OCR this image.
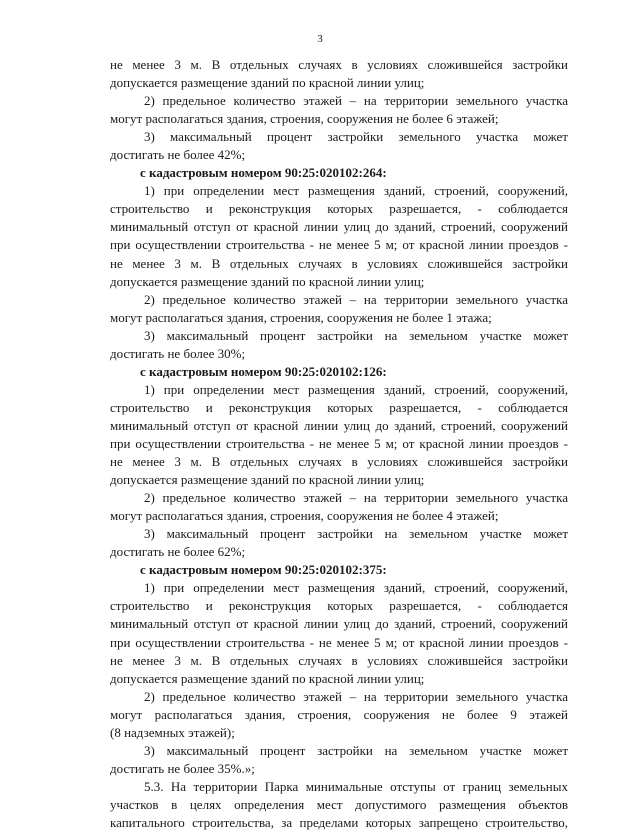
3

не менее 3 м. В отдельных случаях в условиях сложившейся застройки

допускается размещение зданий по красной линии улиц;

2) предельное количество этажей – на территории земельного участка

могут располагаться здания, строения, сооружения не более 6 этажей;

3) максимальный процент застройки земельного участка может

достигать не более 42%;

с кадастровым номером 90:25:020102:264:

1) при определении мест размещения зданий, строений, сооружений,

строительство и реконструкция которых разрешается, - соблюдается

минимальный отступ от красной линии улиц до зданий, строений, сооружений

при осуществлении строительства - не менее 5 м; от красной линии проездов -

не менее 3 м. В отдельных случаях в условиях сложившейся застройки

допускается размещение зданий по красной линии улиц;

2) предельное количество этажей – на территории земельного участка

могут располагаться здания, строения, сооружения не более 1 этажа;

3) максимальный процент застройки на земельном участке может

достигать не более 30%;

с кадастровым номером 90:25:020102:126:

1) при определении мест размещения зданий, строений, сооружений,

строительство и реконструкция которых разрешается, - соблюдается

минимальный отступ от красной линии улиц до зданий, строений, сооружений

при осуществлении строительства - не менее 5 м; от красной линии проездов -

не менее 3 м. В отдельных случаях в условиях сложившейся застройки

допускается размещение зданий по красной линии улиц;

2) предельное количество этажей – на территории земельного участка

могут располагаться здания, строения, сооружения не более 4 этажей;

3) максимальный процент застройки на земельном участке может

достигать не более 62%;

с кадастровым номером 90:25:020102:375:

1) при определении мест размещения зданий, строений, сооружений,

строительство и реконструкция которых разрешается, - соблюдается

минимальный отступ от красной линии улиц до зданий, строений, сооружений

при осуществлении строительства - не менее 5 м; от красной линии проездов -

не менее 3 м. В отдельных случаях в условиях сложившейся застройки

допускается размещение зданий по красной линии улиц;

2) предельное количество этажей – на территории земельного участка

могут располагаться здания, строения, сооружения не более 9 этажей

(8 надземных этажей);

3) максимальный процент застройки на земельном участке может

достигать не более 35%.»;

5.3. На территории Парка минимальные отступы от границ земельных

участков в целях определения мест допустимого размещения объектов

капитального строительства, за пределами которых запрещено строительство,
